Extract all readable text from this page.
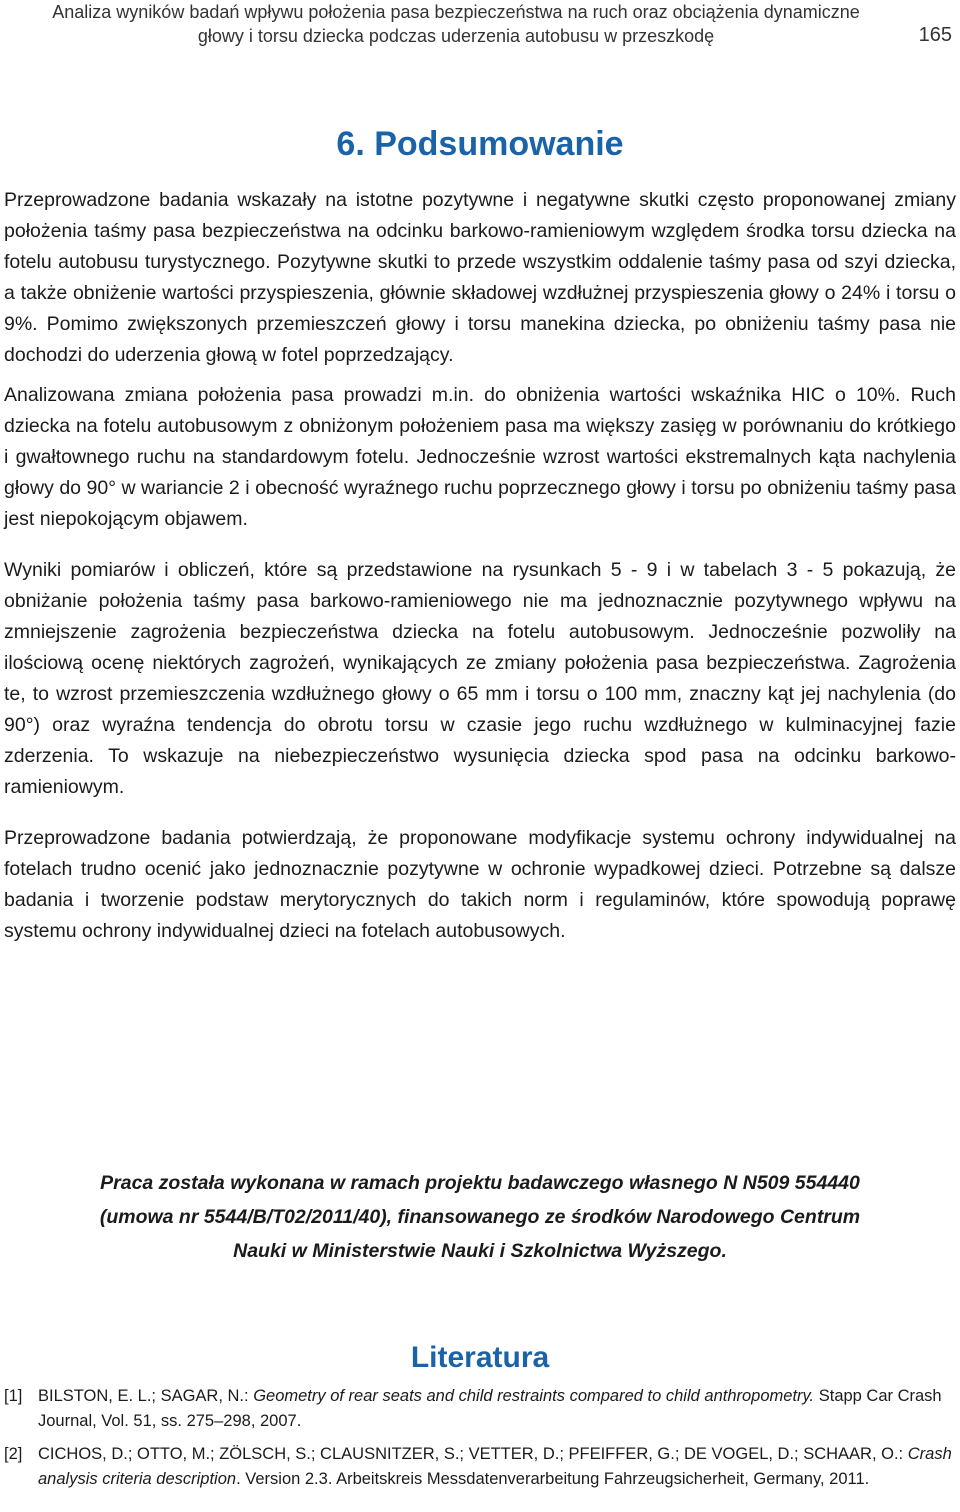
Analiza wyników badań wpływu położenia pasa bezpieczeństwa na ruch oraz obciążenia dynamiczne
głowy i torsu dziecka podczas uderzenia autobusu w przeszkodę	165
6. Podsumowanie

Przeprowadzone badania wskazały na istotne pozytywne i negatywne skutki często proponowanej zmiany położenia taśmy pasa bezpieczeństwa na odcinku barkowo-ramieniowym względem środka torsu dziecka na fotelu autobusu turystycznego. Pozytywne skutki to przede wszystkim oddalenie taśmy pasa od szyi dziecka, a także obniżenie wartości przyspieszenia, głównie składowej wzdłużnej przyspieszenia głowy o 24% i torsu o 9%. Pomimo zwiększonych przemieszczeń głowy i torsu manekina dziecka, po obniżeniu taśmy pasa nie dochodzi do uderzenia głową w fotel poprzedzający.

Analizowana zmiana położenia pasa prowadzi m.in. do obniżenia wartości wskaźnika HIC o 10%. Ruch dziecka na fotelu autobusowym z obniżonym położeniem pasa ma większy zasięg w porównaniu do krótkiego i gwałtownego ruchu na standardowym fotelu. Jednocześnie wzrost wartości ekstremalnych kąta nachylenia głowy do 90° w wariancie 2 i obecność wyraźnego ruchu poprzecznego głowy i torsu po obniżeniu taśmy pasa jest niepokojącym objawem.

Wyniki pomiarów i obliczeń, które są przedstawione na rysunkach 5 - 9 i w tabelach 3 - 5 pokazują, że obniżanie położenia taśmy pasa barkowo-ramieniowego nie ma jednoznacznie pozytywnego wpływu na zmniejszenie zagrożenia bezpieczeństwa dziecka na fotelu autobusowym. Jednocześnie pozwoliły na ilościową ocenę niektórych zagrożeń, wynikających ze zmiany położenia pasa bezpieczeństwa. Zagrożenia te, to wzrost przemieszczenia wzdłużnego głowy o 65 mm i torsu o 100 mm, znaczny kąt jej nachylenia (do 90°) oraz wyraźna tendencja do obrotu torsu w czasie jego ruchu wzdłużnego w kulminacyjnej fazie zderzenia. To wskazuje na niebezpieczeństwo wysunięcia dziecka spod pasa na odcinku barkowo-ramieniowym.

Przeprowadzone badania potwierdzają, że proponowane modyfikacje systemu ochrony indywidualnej na fotelach trudno ocenić jako jednoznacznie pozytywne w ochronie wypadkowej dzieci. Potrzebne są dalsze badania i tworzenie podstaw merytorycznych do takich norm i regulaminów, które spowodują poprawę systemu ochrony indywidualnej dzieci na fotelach autobusowych.

Praca została wykonana w ramach projektu badawczego własnego N N509 554440
(umowa nr 5544/B/T02/2011/40), finansowanego ze środków Narodowego Centrum
Nauki w Ministerstwie Nauki i Szkolnictwa Wyższego.
Literatura
[1] BILSTON, E. L.; SAGAR, N.: Geometry of rear seats and child restraints compared to child anthropometry. Stapp Car Crash Journal, Vol. 51, ss. 275–298, 2007.
[2] CICHOS, D.; OTTO, M.; ZÖLSCH, S.; CLAUSNITZER, S.; VETTER, D.; PFEIFFER, G.; DE VOGEL, D.; SCHAAR, O.: Crash analysis criteria description. Version 2.3. Arbeitskreis Messdatenverarbeitung Fahrzeugsicherheit, Germany, 2011.
